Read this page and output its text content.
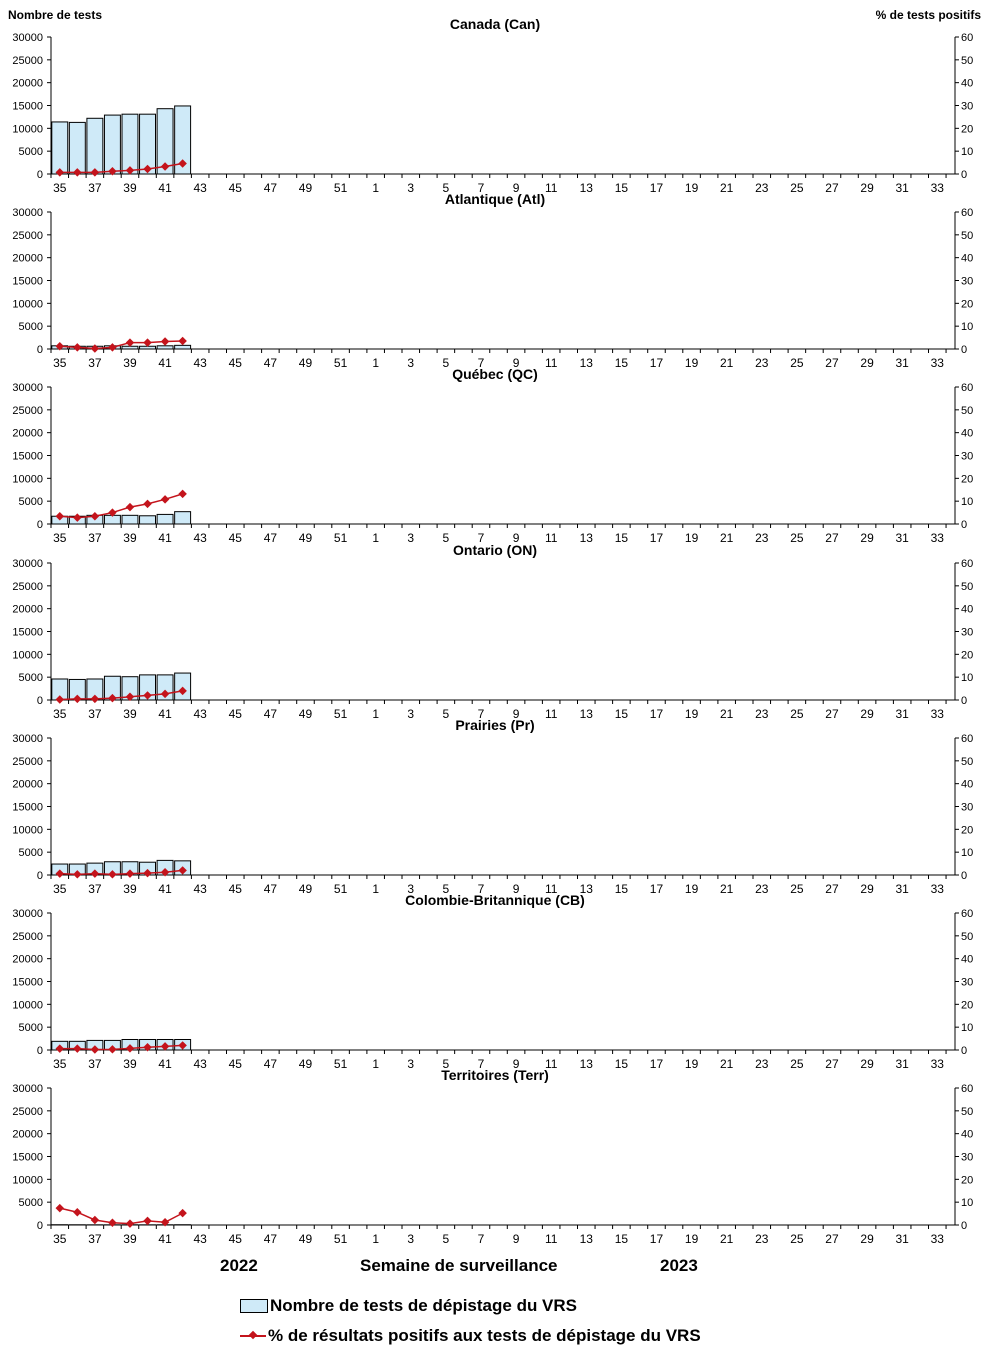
Nombre de tests	% de tests positifs
Canada (Can)
0
5000
10000
15000
20000
25000
30000
0
10
20
30
40
50
60
35 37 39 41 43 45 47 49 51 1 3 5 7 9 11 13 15 17 19 21 23 25 27 29 31 33
Atlantique (Atl)
0
5000
10000
15000
20000
25000
30000
0
10
20
30
40
50
60
35 37 39 41 43 45 47 49 51 1 3 5 7 9 11 13 15 17 19 21 23 25 27 29 31 33
Québec (QC)
0
5000
10000
15000
20000
25000
30000
0
10
20
30
40
50
60
35 37 39 41 43 45 47 49 51 1 3 5 7 9 11 13 15 17 19 21 23 25 27 29 31 33
Ontario (ON)
0
5000
10000
15000
20000
25000
30000
0
10
20
30
40
50
60
35 37 39 41 43 45 47 49 51 1 3 5 7 9 11 13 15 17 19 21 23 25 27 29 31 33
Prairies (Pr)
0
5000
10000
15000
20000
25000
30000
0
10
20
30
40
50
60
35 37 39 41 43 45 47 49 51 1 3 5 7 9 11 13 15 17 19 21 23 25 27 29 31 33
Colombie-Britannique (CB)
0
5000
10000
15000
20000
25000
30000
0
10
20
30
40
50
60
35 37 39 41 43 45 47 49 51 1 3 5 7 9 11 13 15 17 19 21 23 25 27 29 31 33
Territoires (Terr)
0
5000
10000
15000
20000
25000
30000
0
10
20
30
40
50
60
35 37 39 41 43 45 47 49 51 1 3 5 7 9 11 13 15 17 19 21 23 25 27 29 31 33
2022	Semaine de surveillance	2023
Nombre de tests de dépistage du VRS
% de résultats positifs aux tests de dépistage du VRS
